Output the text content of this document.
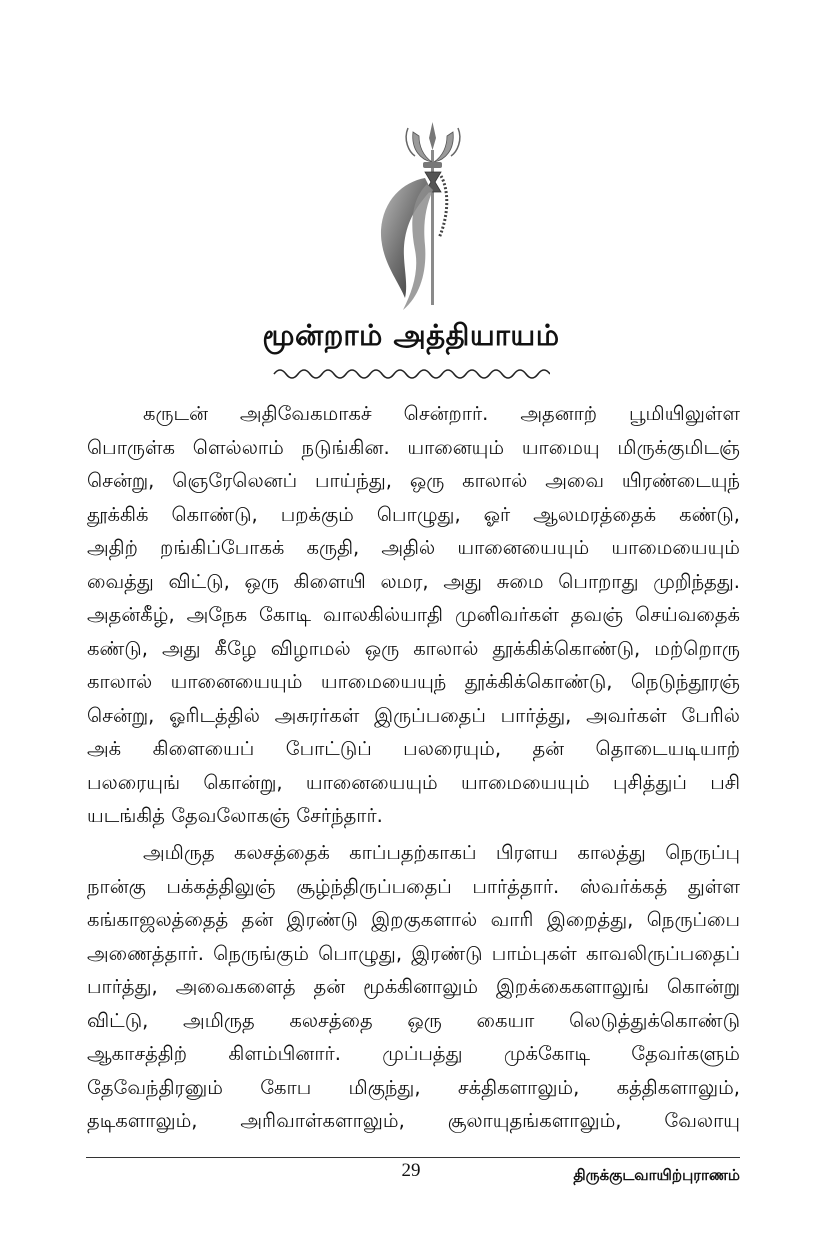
மூன்றாம் அத்தியாயம்
கருடன் அதிவேகமாகச் சென்றார். அதனாற் பூமியிலுள்ள
பொருள்க ளெல்லாம் நடுங்கின. யானையும் யாமையு மிருக்குமிடஞ்
சென்று, ஞெரேலெனப் பாய்ந்து, ஒரு காலால் அவை யிரண்டையுந்
தூக்கிக் கொண்டு, பறக்கும் பொழுது, ஓர் ஆலமரத்தைக் கண்டு,
அதிற் றங்கிப்போகக் கருதி, அதில் யானையையும் யாமையையும்
வைத்து விட்டு, ஒரு கிளையி லமர, அது சுமை பொறாது முறிந்தது.
அதன்கீழ், அநேக கோடி வாலகில்யாதி முனிவர்கள் தவஞ் செய்வதைக்
கண்டு, அது கீழே விழாமல் ஒரு காலால் தூக்கிக்கொண்டு, மற்றொரு
காலால் யானையையும் யாமையையுந் தூக்கிக்கொண்டு, நெடுந்தூரஞ்
சென்று, ஓரிடத்தில் அசுரர்கள் இருப்பதைப் பார்த்து, அவர்கள் பேரில்
அக் கிளையைப் போட்டுப் பலரையும், தன் தொடையடியாற்
பலரையுங் கொன்று, யானையையும் யாமையையும் புசித்துப் பசி
யடங்கித் தேவலோகஞ் சேர்ந்தார்.
அமிருத கலசத்தைக் காப்பதற்காகப் பிரளய காலத்து நெருப்பு
நான்கு பக்கத்திலுஞ் சூழ்ந்திருப்பதைப் பார்த்தார். ஸ்வர்க்கத் துள்ள
கங்காஜலத்தைத் தன் இரண்டு இறகுகளால் வாரி இறைத்து, நெருப்பை
அணைத்தார். நெருங்கும் பொழுது, இரண்டு பாம்புகள் காவலிருப்பதைப்
பார்த்து, அவைகளைத் தன் மூக்கினாலும் இறக்கைகளாலுங் கொன்று
விட்டு, அமிருத கலசத்தை ஒரு கையா லெடுத்துக்கொண்டு
ஆகாசத்திற் கிளம்பினார். முப்பத்து முக்கோடி தேவர்களும்
தேவேந்திரனும் கோப மிகுந்து, சக்திகளாலும், கத்திகளாலும்,
தடிகளாலும், அரிவாள்களாலும், சூலாயுதங்களாலும், வேலாயு
29	திருக்குடவாயிற்புராணம்
